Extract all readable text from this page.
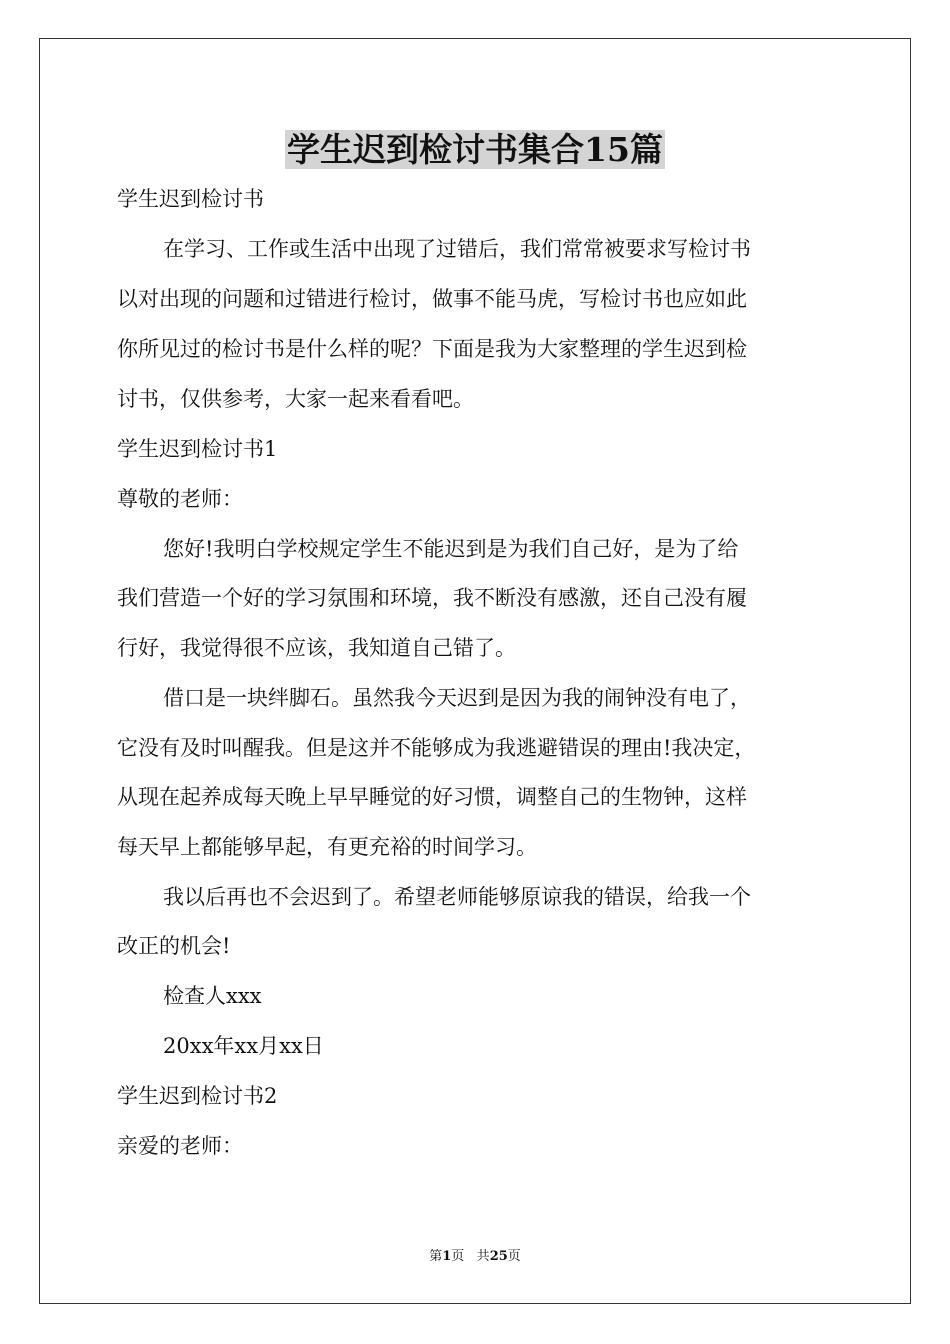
学生迟到检讨书集合15篇

学生迟到检讨书

在学习、工作或生活中出现了过错后，我们常常被要求写检讨书

以对出现的问题和过错进行检讨，做事不能马虎，写检讨书也应如此

你所见过的检讨书是什么样的呢？下面是我为大家整理的学生迟到检

讨书，仅供参考，大家一起来看看吧。

学生迟到检讨书1

尊敬的老师：

您好!我明白学校规定学生不能迟到是为我们自己好，是为了给

我们营造一个好的学习氛围和环境，我不断没有感激，还自己没有履

行好，我觉得很不应该，我知道自己错了。

借口是一块绊脚石。虽然我今天迟到是因为我的闹钟没有电了，

它没有及时叫醒我。但是这并不能够成为我逃避错误的理由!我决定，

从现在起养成每天晚上早早睡觉的好习惯，调整自己的生物钟，这样

每天早上都能够早起，有更充裕的时间学习。

我以后再也不会迟到了。希望老师能够原谅我的错误，给我一个

改正的机会!

检查人xxx

20xx年xx月xx日

学生迟到检讨书2

亲爱的老师：

第1页 共25页
